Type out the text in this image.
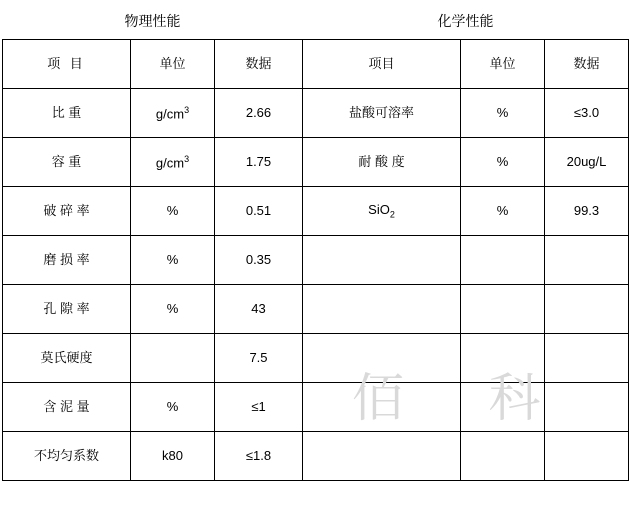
佰 科
物理性能			化学性能		
项 目	单位	数据	项目	单位	数据
比 重	$g/cm^3$	2.66	盐酸可溶率	%	≤3.0
容 重	$g/cm^3$	1.75	耐 酸 度	%	20ug/L
破 碎 率	%	0.51	SiO$_2$	%	99.3
磨 损 率	%	0.35			
孔 隙 率	%	43			
莫氏硬度		7.5			
含 泥 量	%	≤1			
不均匀系数	k80	≤1.8			
